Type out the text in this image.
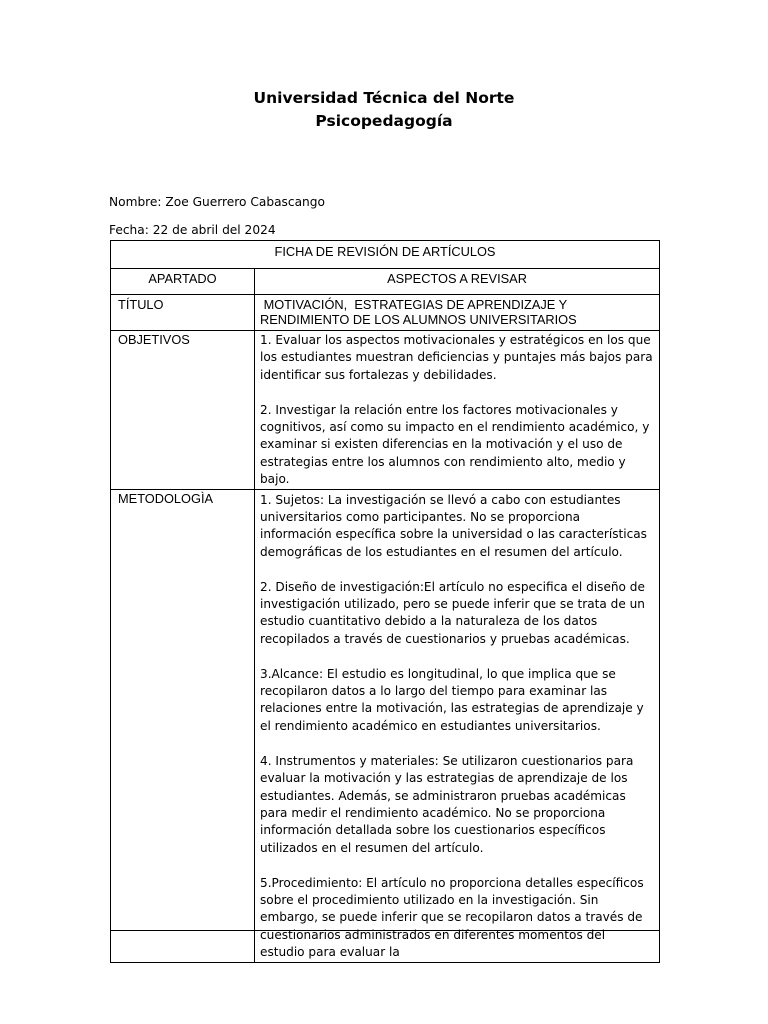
Universidad Técnica del Norte
Psicopedagogía
Nombre: Zoe Guerrero Cabascango
Fecha: 22 de abril del 2024
FICHA DE REVISIÓN DE ARTÍCULOS	
APARTADO	ASPECTOS A REVISAR
TÍTULO	MOTIVACIÓN,  ESTRATEGIAS DE APRENDIZAJE Y RENDIMIENTO DE LOS ALUMNOS UNIVERSITARIOS
OBJETIVOS	1. Evaluar los aspectos motivacionales y estratégicos en los que los estudiantes muestran deficiencias y puntajes más bajos para identificar sus fortalezas y debilidades.

2. Investigar la relación entre los factores motivacionales y cognitivos, así como su impacto en el rendimiento académico, y examinar si existen diferencias en la motivación y el uso de estrategias entre los alumnos con rendimiento alto, medio y bajo.

METODOLOGÌA	1. Sujetos: La investigación se llevó a cabo con estudiantes universitarios como participantes. No se proporciona información específica sobre la universidad o las características demográficas de los estudiantes en el resumen del artículo.

2. Diseño de investigación:El artículo no especifica el diseño de investigación utilizado, pero se puede inferir que se trata de un estudio cuantitativo debido a la naturaleza de los datos recopilados a través de cuestionarios y pruebas académicas.

3.Alcance: El estudio es longitudinal, lo que implica que se recopilaron datos a lo largo del tiempo para examinar las relaciones entre la motivación, las estrategias de aprendizaje y el rendimiento académico en estudiantes universitarios.

4. Instrumentos y materiales: Se utilizaron cuestionarios para evaluar la motivación y las estrategias de aprendizaje de los estudiantes. Además, se administraron pruebas académicas para medir el rendimiento académico. No se proporciona información detallada sobre los cuestionarios específicos utilizados en el resumen del artículo.

5.Procedimiento: El artículo no proporciona detalles específicos sobre el procedimiento utilizado en la investigación. Sin embargo, se puede inferir que se recopilaron datos a través de cuestionarios administrados en diferentes momentos del estudio para evaluar la
